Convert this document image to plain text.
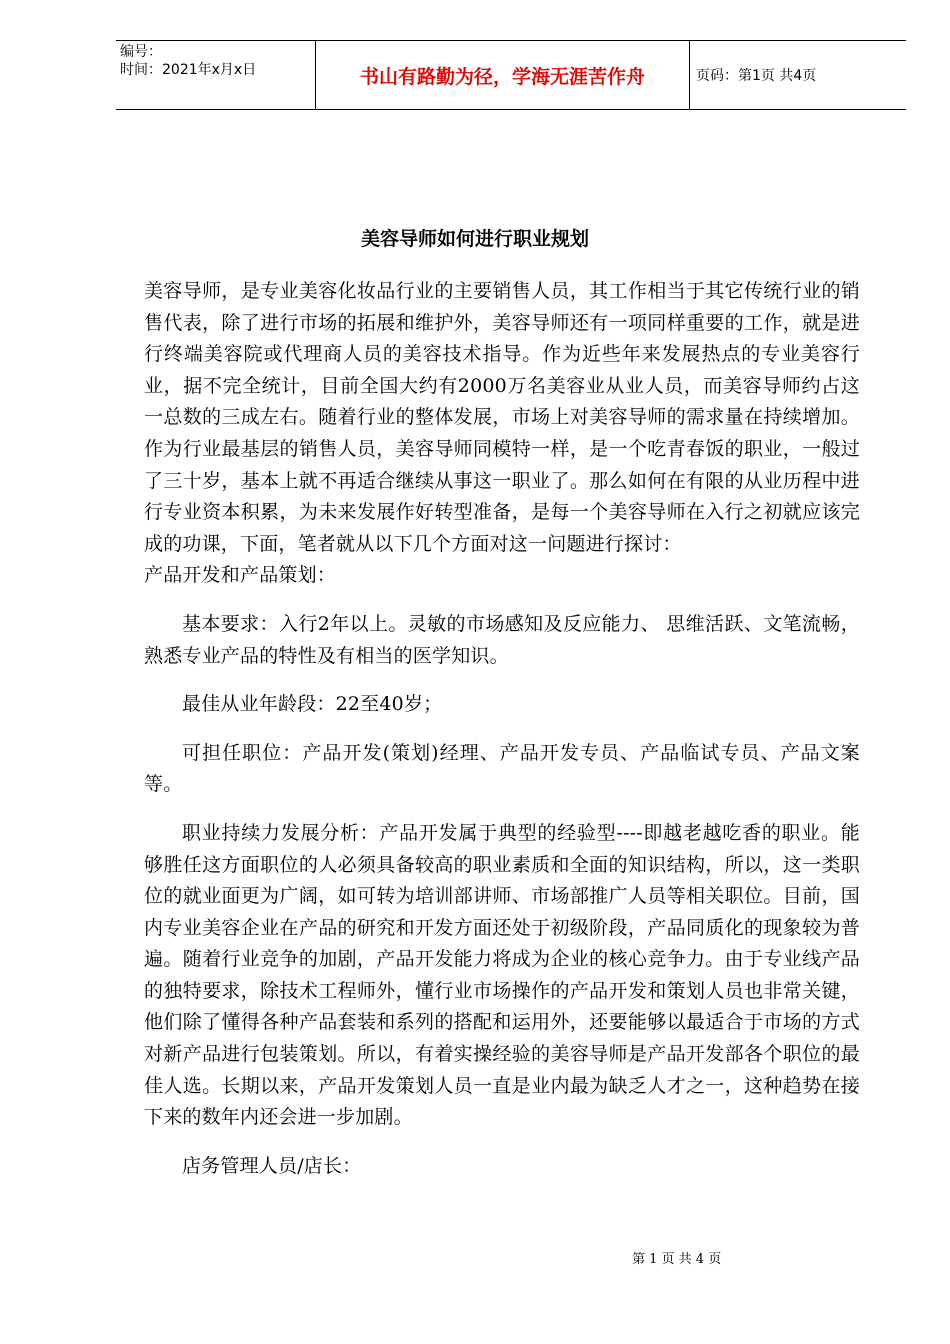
编号：
时间：2021年x月x日	书山有路勤为径，学海无涯苦作舟	页码：第1页 共4页
美容导师如何进行职业规划

美容导师，是专业美容化妆品行业的主要销售人员，其工作相当于其它传统行业的销售代表，除了进行市场的拓展和维护外，美容导师还有一项同样重要的工作，就是进行终端美容院或代理商人员的美容技术指导。作为近些年来发展热点的专业美容行业，据不完全统计，目前全国大约有2000万名美容业从业人员，而美容导师约占这一总数的三成左右。随着行业的整体发展，市场上对美容导师的需求量在持续增加。作为行业最基层的销售人员，美容导师同模特一样，是一个吃青春饭的职业，一般过了三十岁，基本上就不再适合继续从事这一职业了。那么如何在有限的从业历程中进行专业资本积累，为未来发展作好转型准备，是每一个美容导师在入行之初就应该完成的功课，下面，笔者就从以下几个方面对这一问题进行探讨：

产品开发和产品策划：

基本要求：入行2年以上。灵敏的市场感知及反应能力、 思维活跃、文笔流畅，熟悉专业产品的特性及有相当的医学知识。

最佳从业年龄段：22至40岁；

可担任职位：产品开发(策划)经理、产品开发专员、产品临试专员、产品文案等。

职业持续力发展分析：产品开发属于典型的经验型----即越老越吃香的职业。能够胜任这方面职位的人必须具备较高的职业素质和全面的知识结构，所以，这一类职位的就业面更为广阔，如可转为培训部讲师、市场部推广人员等相关职位。目前，国内专业美容企业在产品的研究和开发方面还处于初级阶段，产品同质化的现象较为普遍。随着行业竞争的加剧，产品开发能力将成为企业的核心竞争力。由于专业线产品的独特要求，除技术工程师外，懂行业市场操作的产品开发和策划人员也非常关键，他们除了懂得各种产品套装和系列的搭配和运用外，还要能够以最适合于市场的方式对新产品进行包装策划。所以，有着实操经验的美容导师是产品开发部各个职位的最佳人选。长期以来，产品开发策划人员一直是业内最为缺乏人才之一，这种趋势在接下来的数年内还会进一步加剧。

店务管理人员/店长：

第 1 页 共 4 页
